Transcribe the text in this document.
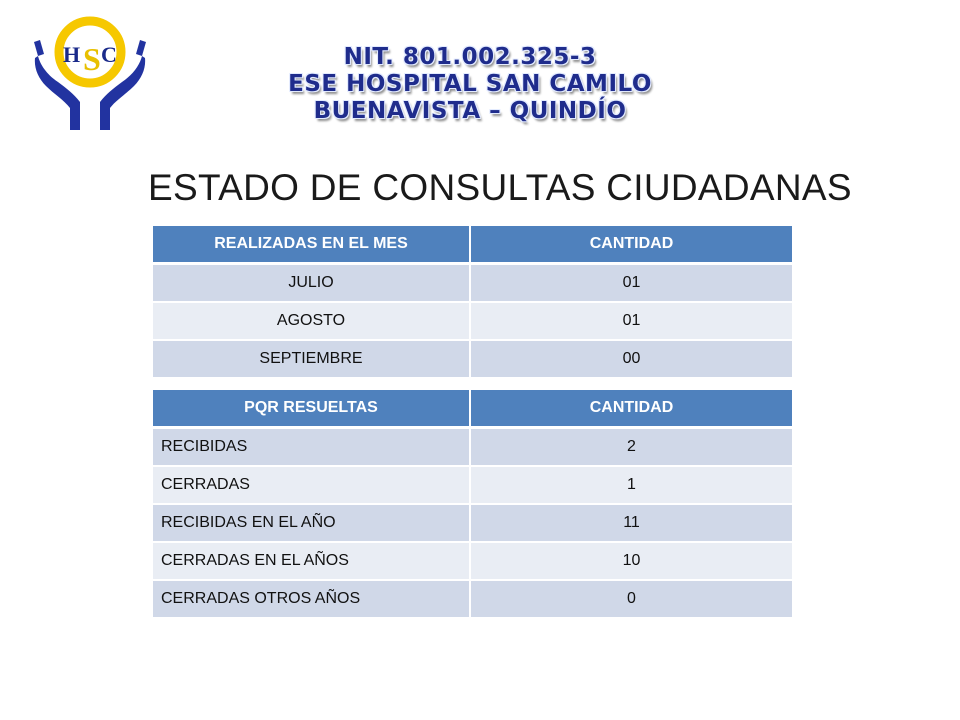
H S C	NIT. 801.002.325-3
ESE HOSPITAL SAN CAMILO
BUENAVISTA – QUINDÍO
ESTADO DE CONSULTAS CIUDADANAS
REALIZADAS EN EL MES	CANTIDAD
JULIO	01
AGOSTO	01
SEPTIEMBRE	00
PQR RESUELTAS	CANTIDAD
RECIBIDAS	2
CERRADAS	1
RECIBIDAS EN EL AÑO	11
CERRADAS EN EL AÑOS	10
CERRADAS OTROS AÑOS	0
